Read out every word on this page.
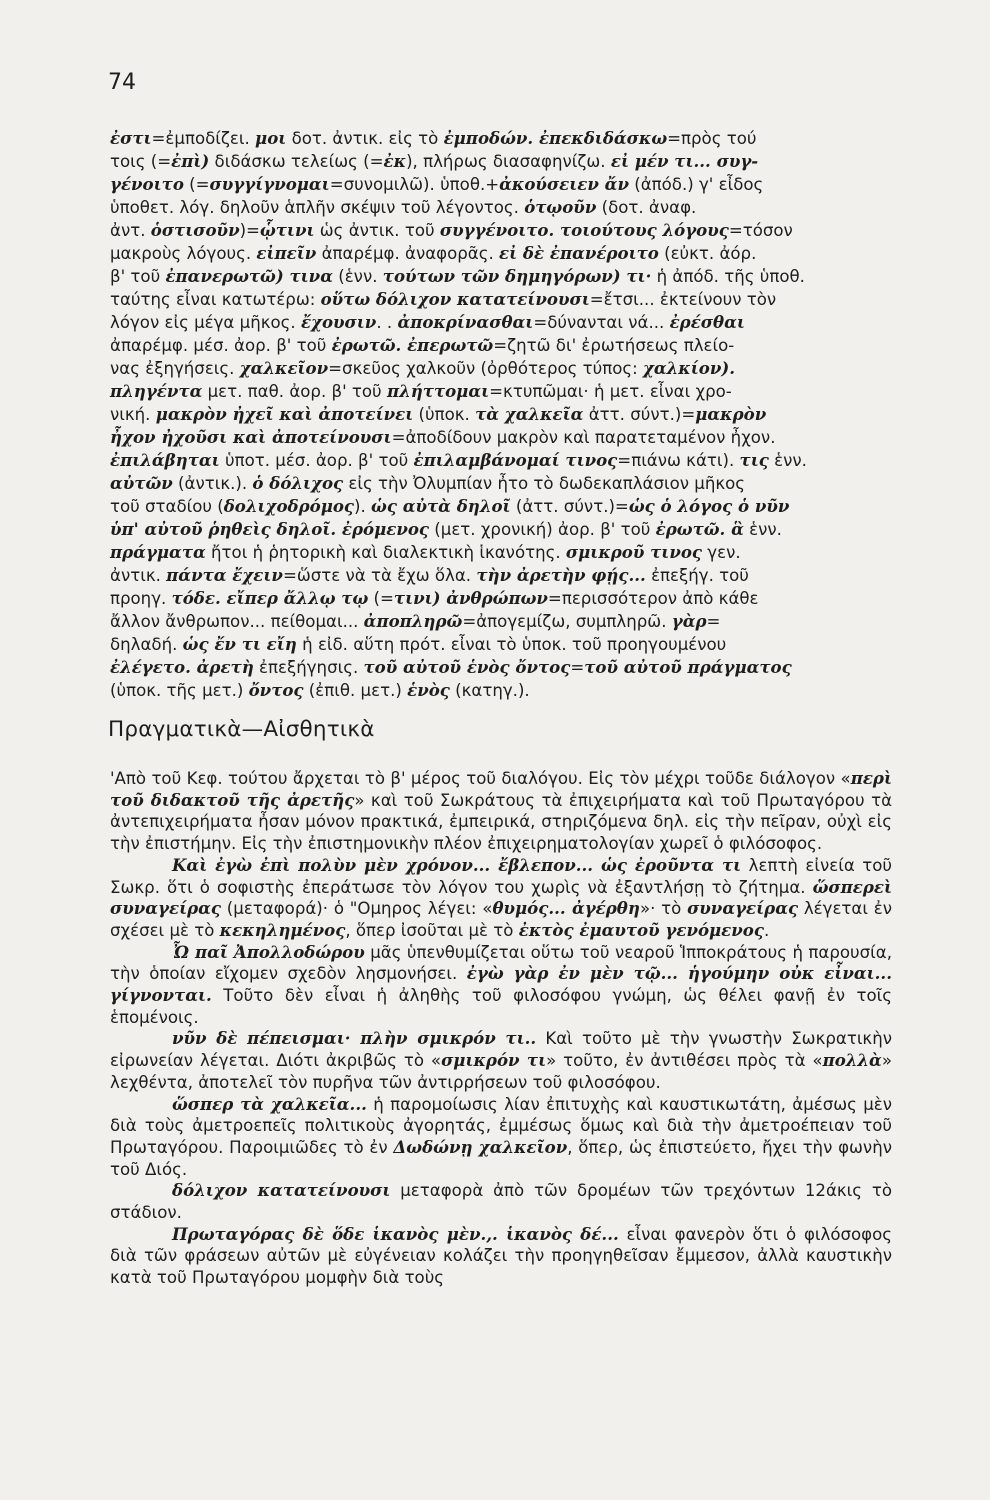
74
ἐστι=ἐμποδίζει. μοι δοτ. ἀντικ. εἰς τὸ ἐμποδών. ἐπεκδιδάσκω=πρὸς τού
τοις (=ἐπὶ) διδάσκω τελείως (=ἐκ), πλήρως διασαφηνίζω. εἰ μέν τι... συγ-
γένοιτο (=συγγίγνομαι=συνομιλῶ). ὑποθ.+ἀκούσειεν ἄν (ἀπόδ.) γ' εἶδος
ὑποθετ. λόγ. δηλοῦν ἁπλῆν σκέψιν τοῦ λέγοντος. ὁτῳοῦν (δοτ. ἀναφ.
ἀντ. ὁστισοῦν)=ᾧτινι ὡς ἀντικ. τοῦ συγγένοιτο. τοιούτους λόγους=τόσον
μακροὺς λόγους. εἰπεῖν ἀπαρέμφ. ἀναφορᾶς. εἰ δὲ ἐπανέροιτο (εὐκτ. ἀόρ.
β' τοῦ ἐπανερωτῶ) τινα (ἑνν. τούτων τῶν δημηγόρων) τι· ἡ ἀπόδ. τῆς ὑποθ.
ταύτης εἶναι κατωτέρω: οὕτω δόλιχον κατατείνουσι=ἔτσι... ἐκτείνουν τὸν
λόγον εἰς μέγα μῆκος. ἔχουσιν. . ἀποκρίνασθαι=δύνανται νά... ἐρέσθαι
ἀπαρέμφ. μέσ. ἀορ. β' τοῦ ἐρωτῶ. ἐπερωτῶ=ζητῶ δι' ἐρωτήσεως πλείο-
νας ἐξηγήσεις. χαλκεῖον=σκεῦος χαλκοῦν (ὀρθότερος τύπος: χαλκίον).
πληγέντα μετ. παθ. ἀορ. β' τοῦ πλήττομαι=κτυπῶμαι· ἡ μετ. εἶναι χρο-
νική. μακρὸν ἠχεῖ καὶ ἀποτείνει (ὑποκ. τὰ χαλκεῖα ἀττ. σύντ.)=μακρὸν
ἦχον ἠχοῦσι καὶ ἀποτείνουσι=ἀποδίδουν μακρὸν καὶ παρατεταμένον ἦχον.
ἐπιλάβηται ὑποτ. μέσ. ἀορ. β' τοῦ ἐπιλαμβάνομαί τινος=πιάνω κάτι). τις ἑνν.
αὐτῶν (ἀντικ.). ὁ δόλιχος εἰς τὴν Ὀλυμπίαν ἦτο τὸ δωδεκαπλάσιον μῆκος
τοῦ σταδίου (δολιχοδρόμος). ὡς αὐτὰ δηλοῖ (ἀττ. σύντ.)=ὡς ὁ λόγος ὁ νῦν
ὑπ' αὐτοῦ ῥηθεὶς δηλοῖ. ἐρόμενος (μετ. χρονική) ἀορ. β' τοῦ ἐρωτῶ. ἃ ἑνν.
πράγματα ἤτοι ἡ ῥητορικὴ καὶ διαλεκτικὴ ἱκανότης. σμικροῦ τινος γεν.
ἀντικ. πάντα ἔχειν=ὥστε νὰ τὰ ἔχω ὅλα. τὴν ἀρετὴν φῄς... ἐπεξήγ. τοῦ
προηγ. τόδε. εἴπερ ἄλλῳ τῳ (=τινι) ἀνθρώπων=περισσότερον ἀπὸ κάθε
ἄλλον ἄνθρωπον... πείθομαι... ἀποπληρῶ=ἀπογεμίζω, συμπληρῶ. γὰρ=
δηλαδή. ὡς ἔν τι εἴη ἡ εἰδ. αὕτη πρότ. εἶναι τὸ ὑποκ. τοῦ προηγουμένου
ἐλέγετο. ἀρετὴ ἐπεξήγησις. τοῦ αὐτοῦ ἑνὸς ὄντος=τοῦ αὐτοῦ πράγματος
(ὑποκ. τῆς μετ.) ὄντος (ἐπιθ. μετ.) ἑνὸς (κατηγ.).
Πραγματικὰ—Αἰσθητικὰ

'Απὸ τοῦ Κεφ. τούτου ἄρχεται τὸ β' μέρος τοῦ διαλόγου. Εἰς τὸν μέχρι τοῦδε διάλογον «περὶ τοῦ διδακτοῦ τῆς ἀρετῆς» καὶ τοῦ Σωκράτους τὰ ἐπιχειρήματα καὶ τοῦ Πρωταγόρου τὰ ἀντεπιχειρήματα ἦσαν μόνον πρακτικά, ἐμπειρικά, στηριζόμενα δηλ. εἰς τὴν πεῖραν, οὐχὶ εἰς τὴν ἐπιστήμην. Εἰς τὴν ἐπιστημονικὴν πλέον ἐπιχειρηματολογίαν χωρεῖ ὁ φιλόσοφος.

Καὶ ἐγὼ ἐπὶ πολὺν μὲν χρόνον... ἔβλεπον... ὡς ἐροῦντα τι λεπτὴ εἰνεία τοῦ Σωκρ. ὅτι ὁ σοφιστὴς ἐπεράτωσε τὸν λόγον του χωρὶς νὰ ἐξαντλήσῃ τὸ ζήτημα. ὥσπερεὶ συναγείρας (μεταφορά)· ὁ "Ομηρος λέγει: «θυμός... ἀγέρθη»· τὸ συναγείρας λέγεται ἐν σχέσει μὲ τὸ κεκηλημένος, ὅπερ ἰσοῦται μὲ τὸ ἐκτὸς ἐμαυτοῦ γενόμενος.

Ὦ παῖ Ἀπολλοδώρου μᾶς ὑπενθυμίζεται οὕτω τοῦ νεαροῦ Ἱπποκράτους ἡ παρουσία, τὴν ὁποίαν εἴχομεν σχεδὸν λησμονήσει. ἐγὼ γὰρ ἐν μὲν τῷ... ἡγούμην οὐκ εἶναι... γίγνονται. Τοῦτο δὲν εἶναι ἡ ἀληθὴς τοῦ φιλοσόφου γνώμη, ὡς θέλει φανῇ ἐν τοῖς ἑπομένοις.

νῦν δὲ πέπεισμαι· πλὴν σμικρόν τι.. Καὶ τοῦτο μὲ τὴν γνωστὴν Σωκρατικὴν εἰρωνείαν λέγεται. Διότι ἀκριβῶς τὸ «σμικρόν τι» τοῦτο, ἐν ἀντιθέσει πρὸς τὰ «πολλὰ» λεχθέντα, ἀποτελεῖ τὸν πυρῆνα τῶν ἀντιρρήσεων τοῦ φιλοσόφου.

ὥσπερ τὰ χαλκεῖα... ἡ παρομοίωσις λίαν ἐπιτυχὴς καὶ καυστικωτάτη, ἀμέσως μὲν διὰ τοὺς ἀμετροεπεῖς πολιτικοὺς ἀγορητάς, ἐμμέσως ὅμως καὶ διὰ τὴν ἀμετροέπειαν τοῦ Πρωταγόρου. Παροιμιῶδες τὸ ἐν Δωδώνῃ χαλκεῖον, ὅπερ, ὡς ἐπιστεύετο, ἤχει τὴν φωνὴν τοῦ Διός.

δόλιχον κατατείνουσι μεταφορὰ ἀπὸ τῶν δρομέων τῶν τρεχόντων 12άκις τὸ στάδιον.

Πρωταγόρας δὲ ὅδε ἱκανὸς μὲν.,. ἱκανὸς δέ... εἶναι φανερὸν ὅτι ὁ φιλόσοφος διὰ τῶν φράσεων αὐτῶν μὲ εὐγένειαν κολάζει τὴν προηγηθεῖσαν ἔμμεσον, ἀλλὰ καυστικὴν κατὰ τοῦ Πρωταγόρου μομφὴν διὰ τοὺς
